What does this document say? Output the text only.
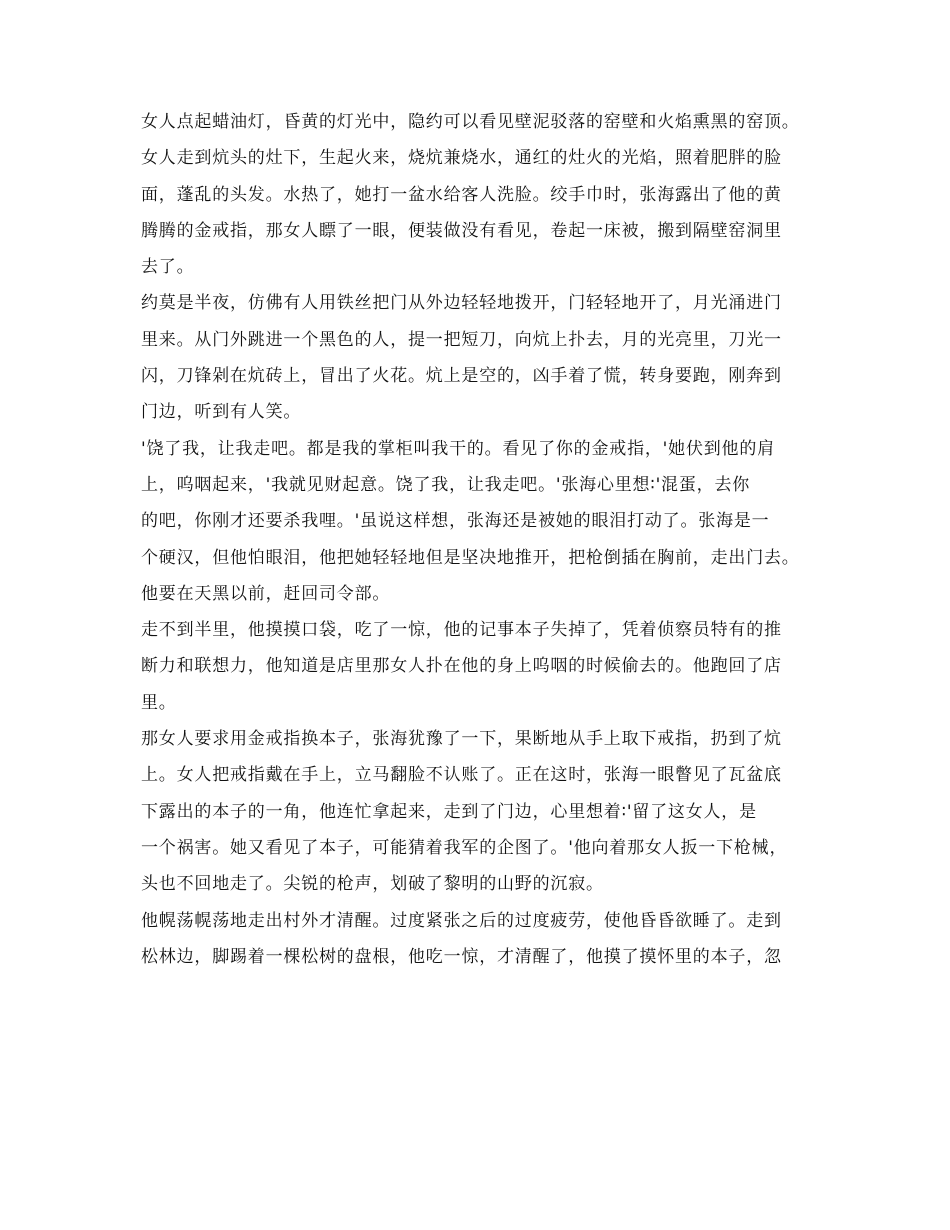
女人点起蜡油灯，昏黄的灯光中，隐约可以看见壁泥驳落的窑壁和火焰熏黑的窑顶。
女人走到炕头的灶下，生起火来，烧炕兼烧水，通红的灶火的光焰，照着肥胖的脸
面，蓬乱的头发。水热了，她打一盆水给客人洗脸。绞手巾时，张海露出了他的黄
腾腾的金戒指，那女人瞟了一眼，便装做没有看见，卷起一床被，搬到隔壁窑洞里
去了。
约莫是半夜，仿佛有人用铁丝把门从外边轻轻地拨开，门轻轻地开了，月光涌进门
里来。从门外跳进一个黑色的人，提一把短刀，向炕上扑去，月的光亮里，刀光一
闪，刀锋剁在炕砖上，冒出了火花。炕上是空的，凶手着了慌，转身要跑，刚奔到
门边，听到有人笑。
'饶了我，让我走吧。都是我的掌柜叫我干的。看见了你的金戒指，'她伏到他的肩
上，呜咽起来，'我就见财起意。饶了我，让我走吧。'张海心里想∶'混蛋，去你
的吧，你刚才还要杀我哩。'虽说这样想，张海还是被她的眼泪打动了。张海是一
个硬汉，但他怕眼泪，他把她轻轻地但是坚决地推开，把枪倒插在胸前，走出门去。
他要在天黑以前，赶回司令部。
走不到半里，他摸摸口袋，吃了一惊，他的记事本子失掉了，凭着侦察员特有的推
断力和联想力，他知道是店里那女人扑在他的身上呜咽的时候偷去的。他跑回了店
里。
那女人要求用金戒指换本子，张海犹豫了一下，果断地从手上取下戒指，扔到了炕
上。女人把戒指戴在手上，立马翻脸不认账了。正在这时，张海一眼瞥见了瓦盆底
下露出的本子的一角，他连忙拿起来，走到了门边，心里想着∶'留了这女人，是
一个祸害。她又看见了本子，可能猜着我军的企图了。'他向着那女人扳一下枪械，
头也不回地走了。尖锐的枪声，划破了黎明的山野的沉寂。
他幌荡幌荡地走出村外才清醒。过度紧张之后的过度疲劳，使他昏昏欲睡了。走到
松林边，脚踢着一棵松树的盘根，他吃一惊，才清醒了，他摸了摸怀里的本子，忽
